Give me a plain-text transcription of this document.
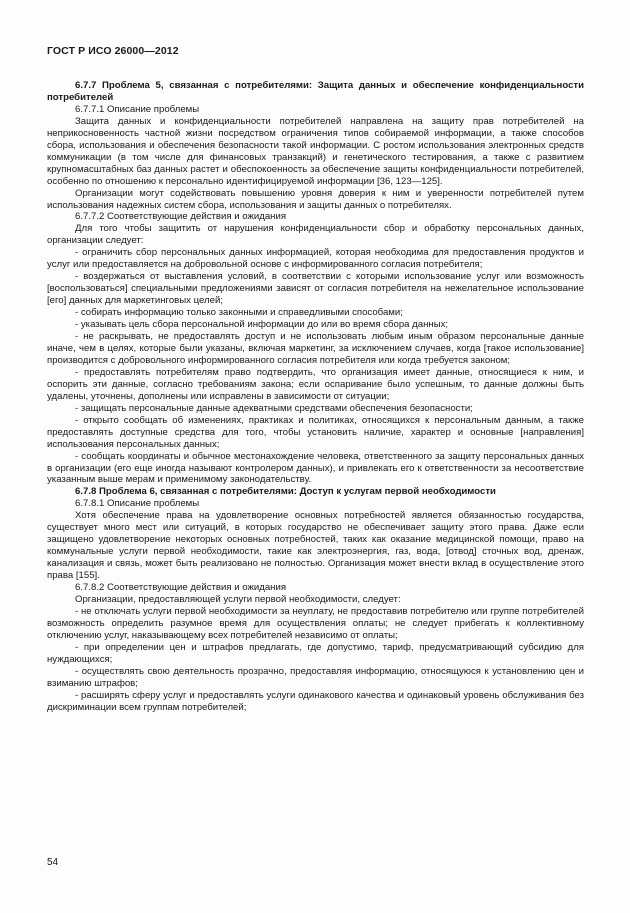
ГОСТ Р ИСО 26000—2012

6.7.7 Проблема 5, связанная с потребителями: Защита данных и обеспечение конфиденциальности потребителей

6.7.7.1 Описание проблемы

Защита данных и конфиденциальности потребителей направлена на защиту прав потребителей на неприкосновенность частной жизни посредством ограничения типов собираемой информации, а также способов сбора, использования и обеспечения безопасности такой информации. С ростом использования электронных средств коммуникации (в том числе для финансовых транзакций) и генетического тестирования, а также с развитием крупномасштабных баз данных растет и обеспокоенность за обеспечение защиты конфиденциальности потребителей, особенно по отношению к персонально идентифицируемой информации [36, 123—125].

Организации могут содействовать повышению уровня доверия к ним и уверенности потребителей путем использования надежных систем сбора, использования и защиты данных о потребителях.

6.7.7.2 Соответствующие действия и ожидания

Для того чтобы защитить от нарушения конфиденциальности сбор и обработку персональных данных, организации следует:

- ограничить сбор персональных данных информацией, которая необходима для предоставления продуктов и услуг или предоставляется на добровольной основе с информированного согласия потребителя;

- воздержаться от выставления условий, в соответствии с которыми использование услуг или возможность [воспользоваться] специальными предложениями зависят от согласия потребителя на нежелательное использование [его] данных для маркетинговых целей;

- собирать информацию только законными и справедливыми способами;

- указывать цель сбора персональной информации до или во время сбора данных;

- не раскрывать, не предоставлять доступ и не использовать любым иным образом персональные данные иначе, чем в целях, которые были указаны, включая маркетинг, за исключением случаев, когда [такое использование] производится с добровольного информированного согласия потребителя или когда требуется законом;

- предоставлять потребителям право подтвердить, что организация имеет данные, относящиеся к ним, и оспорить эти данные, согласно требованиям закона; если оспаривание было успешным, то данные должны быть удалены, уточнены, дополнены или исправлены в зависимости от ситуации;

- защищать персональные данные адекватными средствами обеспечения безопасности;

- открыто сообщать об изменениях, практиках и политиках, относящихся к персональным данным, а также предоставлять доступные средства для того, чтобы установить наличие, характер и основные [направления] использования персональных данных;

- сообщать координаты и обычное местонахождение человека, ответственного за защиту персональных данных в организации (его еще иногда называют контролером данных), и привлекать его к ответственности за несоответствие указанным выше мерам и применимому законодательству.

6.7.8 Проблема 6, связанная с потребителями: Доступ к услугам первой необходимости

6.7.8.1 Описание проблемы

Хотя обеспечение права на удовлетворение основных потребностей является обязанностью государства, существует много мест или ситуаций, в которых государство не обеспечивает защиту этого права. Даже если защищено удовлетворение некоторых основных потребностей, таких как оказание медицинской помощи, право на коммунальные услуги первой необходимости, такие как электроэнергия, газ, вода, [отвод] сточных вод, дренаж, канализация и связь, может быть реализовано не полностью. Организация может внести вклад в осуществление этого права [155].

6.7.8.2 Соответствующие действия и ожидания

Организации, предоставляющей услуги первой необходимости, следует:

- не отключать услуги первой необходимости за неуплату, не предоставив потребителю или группе потребителей возможность определить разумное время для осуществления оплаты; не следует прибегать к коллективному отключению услуг, наказывающему всех потребителей независимо от оплаты;

- при определении цен и штрафов предлагать, где допустимо, тариф, предусматривающий субсидию для нуждающихся;

- осуществлять свою деятельность прозрачно, предоставляя информацию, относящуюся к установлению цен и взиманию штрафов;

- расширять сферу услуг и предоставлять услуги одинакового качества и одинаковый уровень обслуживания без дискриминации всем группам потребителей;

54
